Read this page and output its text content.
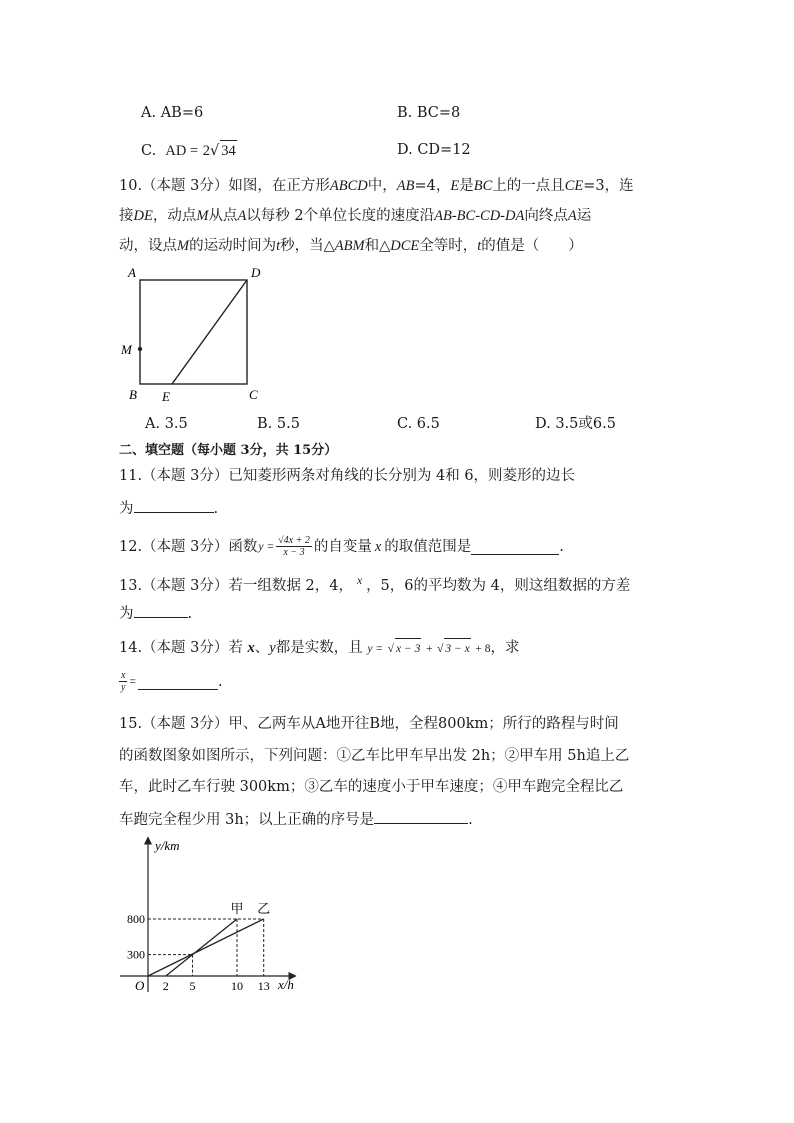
A. AB=6	B. BC=8
C. AD = 2√ 34	D. CD=12
10.（本题 3分）如图，在正方形ABCD中，AB=4，E是BC上的一点且CE=3，连
接DE，动点M从点A以每秒 2个单位长度的速度沿AB-BC-CD-DA向终点A运
动，设点M的运动时间为t秒，当△ABM和△DCE全等时，t的值是（　　）
A	D
M
B E	C
A. 3.5	B. 5.5	C. 6.5	D. 3.5或6.5
二、填空题（每小题 3分，共 15分）
11.（本题 3分）已知菱形两条对角线的长分别为 4和 6，则菱形的边长
为	.
12.（本题 3分）函数 $y = \frac{√4x + 2}{x - 3}$ 的自变量 x 的取值范围是	.
13.（本题 3分）若一组数据 2，4， $^x$ ，5，6的平均数为 4，则这组数据的方差
为	.
14.（本题 3分）若 x、y都是实数，且 y = √ x − 3 + √ 3 − x + 8，求
$\frac{x}{y}$ =	.
15.（本题 3分）甲、乙两车从A地开往B地，全程800km；所行的路程与时间
的函数图象如图所示，下列问题：①乙车比甲车早出发 2h；②甲车用 5h追上乙
车，此时乙车行驶 300km；③乙车的速度小于甲车速度；④甲车跑完全程比乙
车跑完全程少用 3h；以上正确的序号是	.
y/km
x/h
O
300
800
2 5	10 13
甲 乙
